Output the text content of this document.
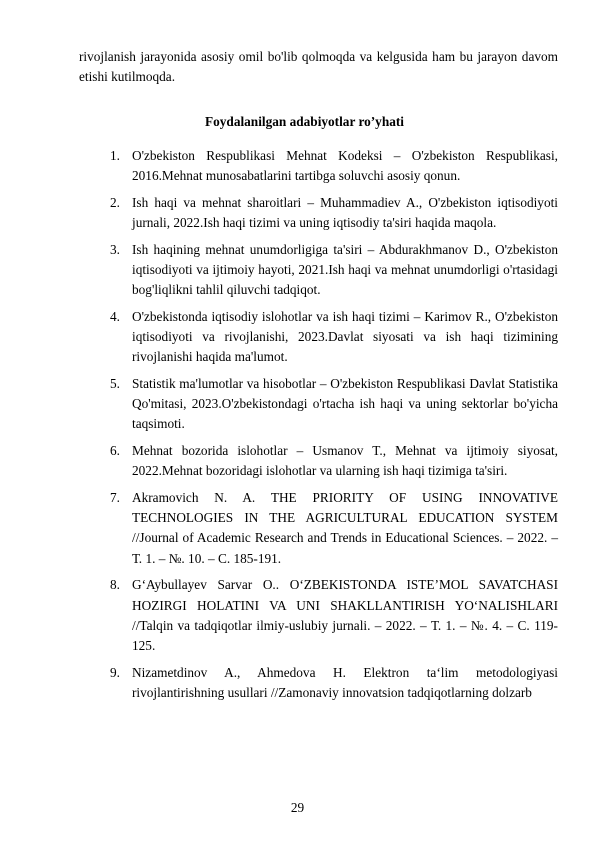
rivojlanish jarayonida asosiy omil bo'lib qolmoqda va kelgusida ham bu jarayon davom etishi kutilmoqda.

Foydalanilgan adabiyotlar ro’yhati
1. O'zbekiston Respublikasi Mehnat Kodeksi – O'zbekiston Respublikasi, 2016.Mehnat munosabatlarini tartibga soluvchi asosiy qonun.
2. Ish haqi va mehnat sharoitlari – Muhammadiev A., O'zbekiston iqtisodiyoti jurnali, 2022.Ish haqi tizimi va uning iqtisodiy ta'siri haqida maqola.
3. Ish haqining mehnat unumdorligiga ta'siri – Abdurakhmanov D., O'zbekiston iqtisodiyoti va ijtimoiy hayoti, 2021.Ish haqi va mehnat unumdorligi o'rtasidagi bog'liqlikni tahlil qiluvchi tadqiqot.
4. O'zbekistonda iqtisodiy islohotlar va ish haqi tizimi – Karimov R., O'zbekiston iqtisodiyoti va rivojlanishi, 2023.Davlat siyosati va ish haqi tizimining rivojlanishi haqida ma'lumot.
5. Statistik ma'lumotlar va hisobotlar – O'zbekiston Respublikasi Davlat Statistika Qo'mitasi, 2023.O'zbekistondagi o'rtacha ish haqi va uning sektorlar bo'yicha taqsimoti.
6. Mehnat bozorida islohotlar – Usmanov T., Mehnat va ijtimoiy siyosat, 2022.Mehnat bozoridagi islohotlar va ularning ish haqi tizimiga ta'siri.
7. Akramovich N. A. THE PRIORITY OF USING INNOVATIVE TECHNOLOGIES IN THE AGRICULTURAL EDUCATION SYSTEM //Journal of Academic Research and Trends in Educational Sciences. – 2022. – Т. 1. – №. 10. – С. 185-191.
8. G‘Aybullayev Sarvar O.. O‘ZBEKISTONDA ISTE’MOL SAVATCHASI HOZIRGI HOLATINI VA UNI SHAKLLANTIRISH YO‘NALISHLARI //Talqin va tadqiqotlar ilmiy-uslubiy jurnali. – 2022. – Т. 1. – №. 4. – С. 119-125.
9. Nizametdinov A., Ahmedova H. Elektron ta‘lim metodologiyasi rivojlantirishning usullari //Zamonaviy innovatsion tadqiqotlarning dolzarb
29
